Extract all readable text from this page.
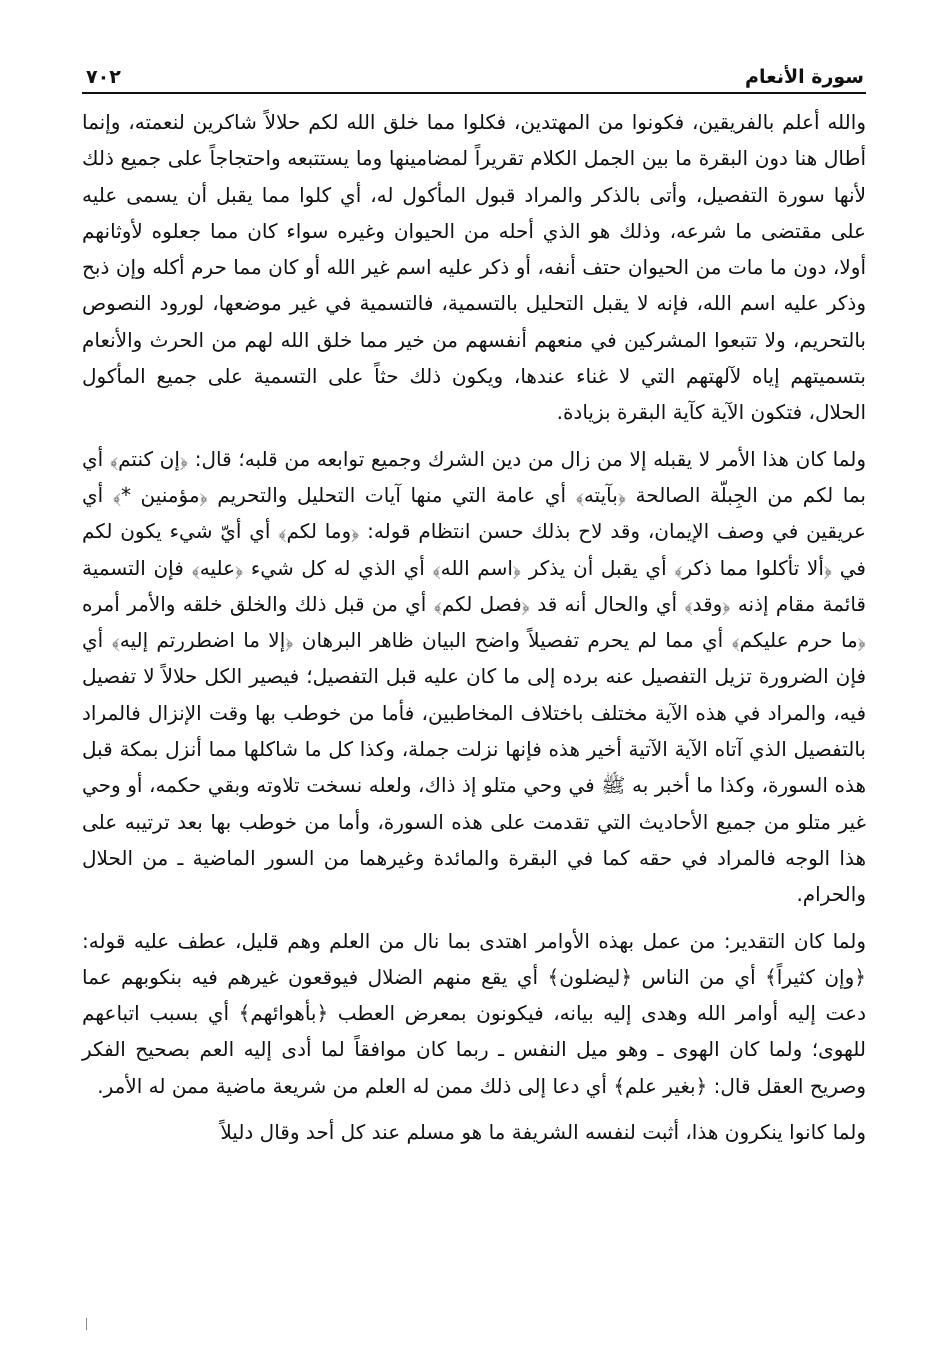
٧٠٢	سورة الأنعام

والله أعلم بالفريقين، فكونوا من المهتدين، فكلوا مما خلق الله لكم حلالاً شاكرين لنعمته، وإنما أطال هنا دون البقرة ما بين الجمل الكلام تقريراً لمضامينها وما يستتبعه واحتجاجاً على جميع ذلك لأنها سورة التفصيل، وأتى بالذكر والمراد قبول المأكول له، أي كلوا مما يقبل أن يسمى عليه على مقتضى ما شرعه، وذلك هو الذي أحله من الحيوان وغيره سواء كان مما جعلوه لأوثانهم أولا، دون ما مات من الحيوان حتف أنفه، أو ذكر عليه اسم غير الله أو كان مما حرم أكله وإن ذبح وذكر عليه اسم الله، فإنه لا يقبل التحليل بالتسمية، فالتسمية في غير موضعها، لورود النصوص بالتحريم، ولا تتبعوا المشركين في منعهم أنفسهم من خير مما خلق الله لهم من الحرث والأنعام بتسميتهم إياه لآلهتهم التي لا غناء عندها، ويكون ذلك حثاً على التسمية على جميع المأكول الحلال، فتكون الآية كآية البقرة بزيادة.

ولما كان هذا الأمر لا يقبله إلا من زال من دين الشرك وجميع توابعه من قلبه؛ قال: ﴿إن كنتم﴾ أي بما لكم من الجِبلّة الصالحة ﴿بآيته﴾ أي عامة التي منها آيات التحليل والتحريم ﴿مؤمنين *﴾ أي عريقين في وصف الإيمان، وقد لاح بذلك حسن انتظام قوله: ﴿وما لكم﴾ أي أيّ شيء يكون لكم في ﴿ألا تأكلوا مما ذكر﴾ أي يقبل أن يذكر ﴿اسم الله﴾ أي الذي له كل شيء ﴿عليه﴾ فإن التسمية قائمة مقام إذنه ﴿وقد﴾ أي والحال أنه قد ﴿فصل لكم﴾ أي من قبل ذلك والخلق خلقه والأمر أمره ﴿ما حرم عليكم﴾ أي مما لم يحرم تفصيلاً واضح البيان ظاهر البرهان ﴿إلا ما اضطررتم إليه﴾ أي فإن الضرورة تزيل التفصيل عنه برده إلى ما كان عليه قبل التفصيل؛ فيصير الكل حلالاً لا تفصيل فيه، والمراد في هذه الآية مختلف باختلاف المخاطبين، فأما من خوطب بها وقت الإنزال فالمراد بالتفصيل الذي آتاه الآية الآتية أخير هذه فإنها نزلت جملة، وكذا كل ما شاكلها مما أنزل بمكة قبل هذه السورة، وكذا ما أخبر به ﷺ في وحي متلو إذ ذاك، ولعله نسخت تلاوته وبقي حكمه، أو وحي غير متلو من جميع الأحاديث التي تقدمت على هذه السورة، وأما من خوطب بها بعد ترتيبه على هذا الوجه فالمراد في حقه كما في البقرة والمائدة وغيرهما من السور الماضية ـ من الحلال والحرام.

ولما كان التقدير: من عمل بهذه الأوامر اهتدى بما نال من العلم وهم قليل، عطف عليه قوله: ﴿وإن كثيراً﴾ أي من الناس ﴿ليضلون﴾ أي يقع منهم الضلال فيوقعون غيرهم فيه بنكوبهم عما دعت إليه أوامر الله وهدى إليه بيانه، فيكونون بمعرض العطب ﴿بأهوائهم﴾ أي بسبب اتباعهم للهوى؛ ولما كان الهوى ـ وهو ميل النفس ـ ربما كان موافقاً لما أدى إليه العم بصحيح الفكر وصريح العقل قال: ﴿بغير علم﴾ أي دعا إلى ذلك ممن له العلم من شريعة ماضية ممن له الأمر.

ولما كانوا ينكرون هذا، أثبت لنفسه الشريفة ما هو مسلم عند كل أحد وقال دليلاً
